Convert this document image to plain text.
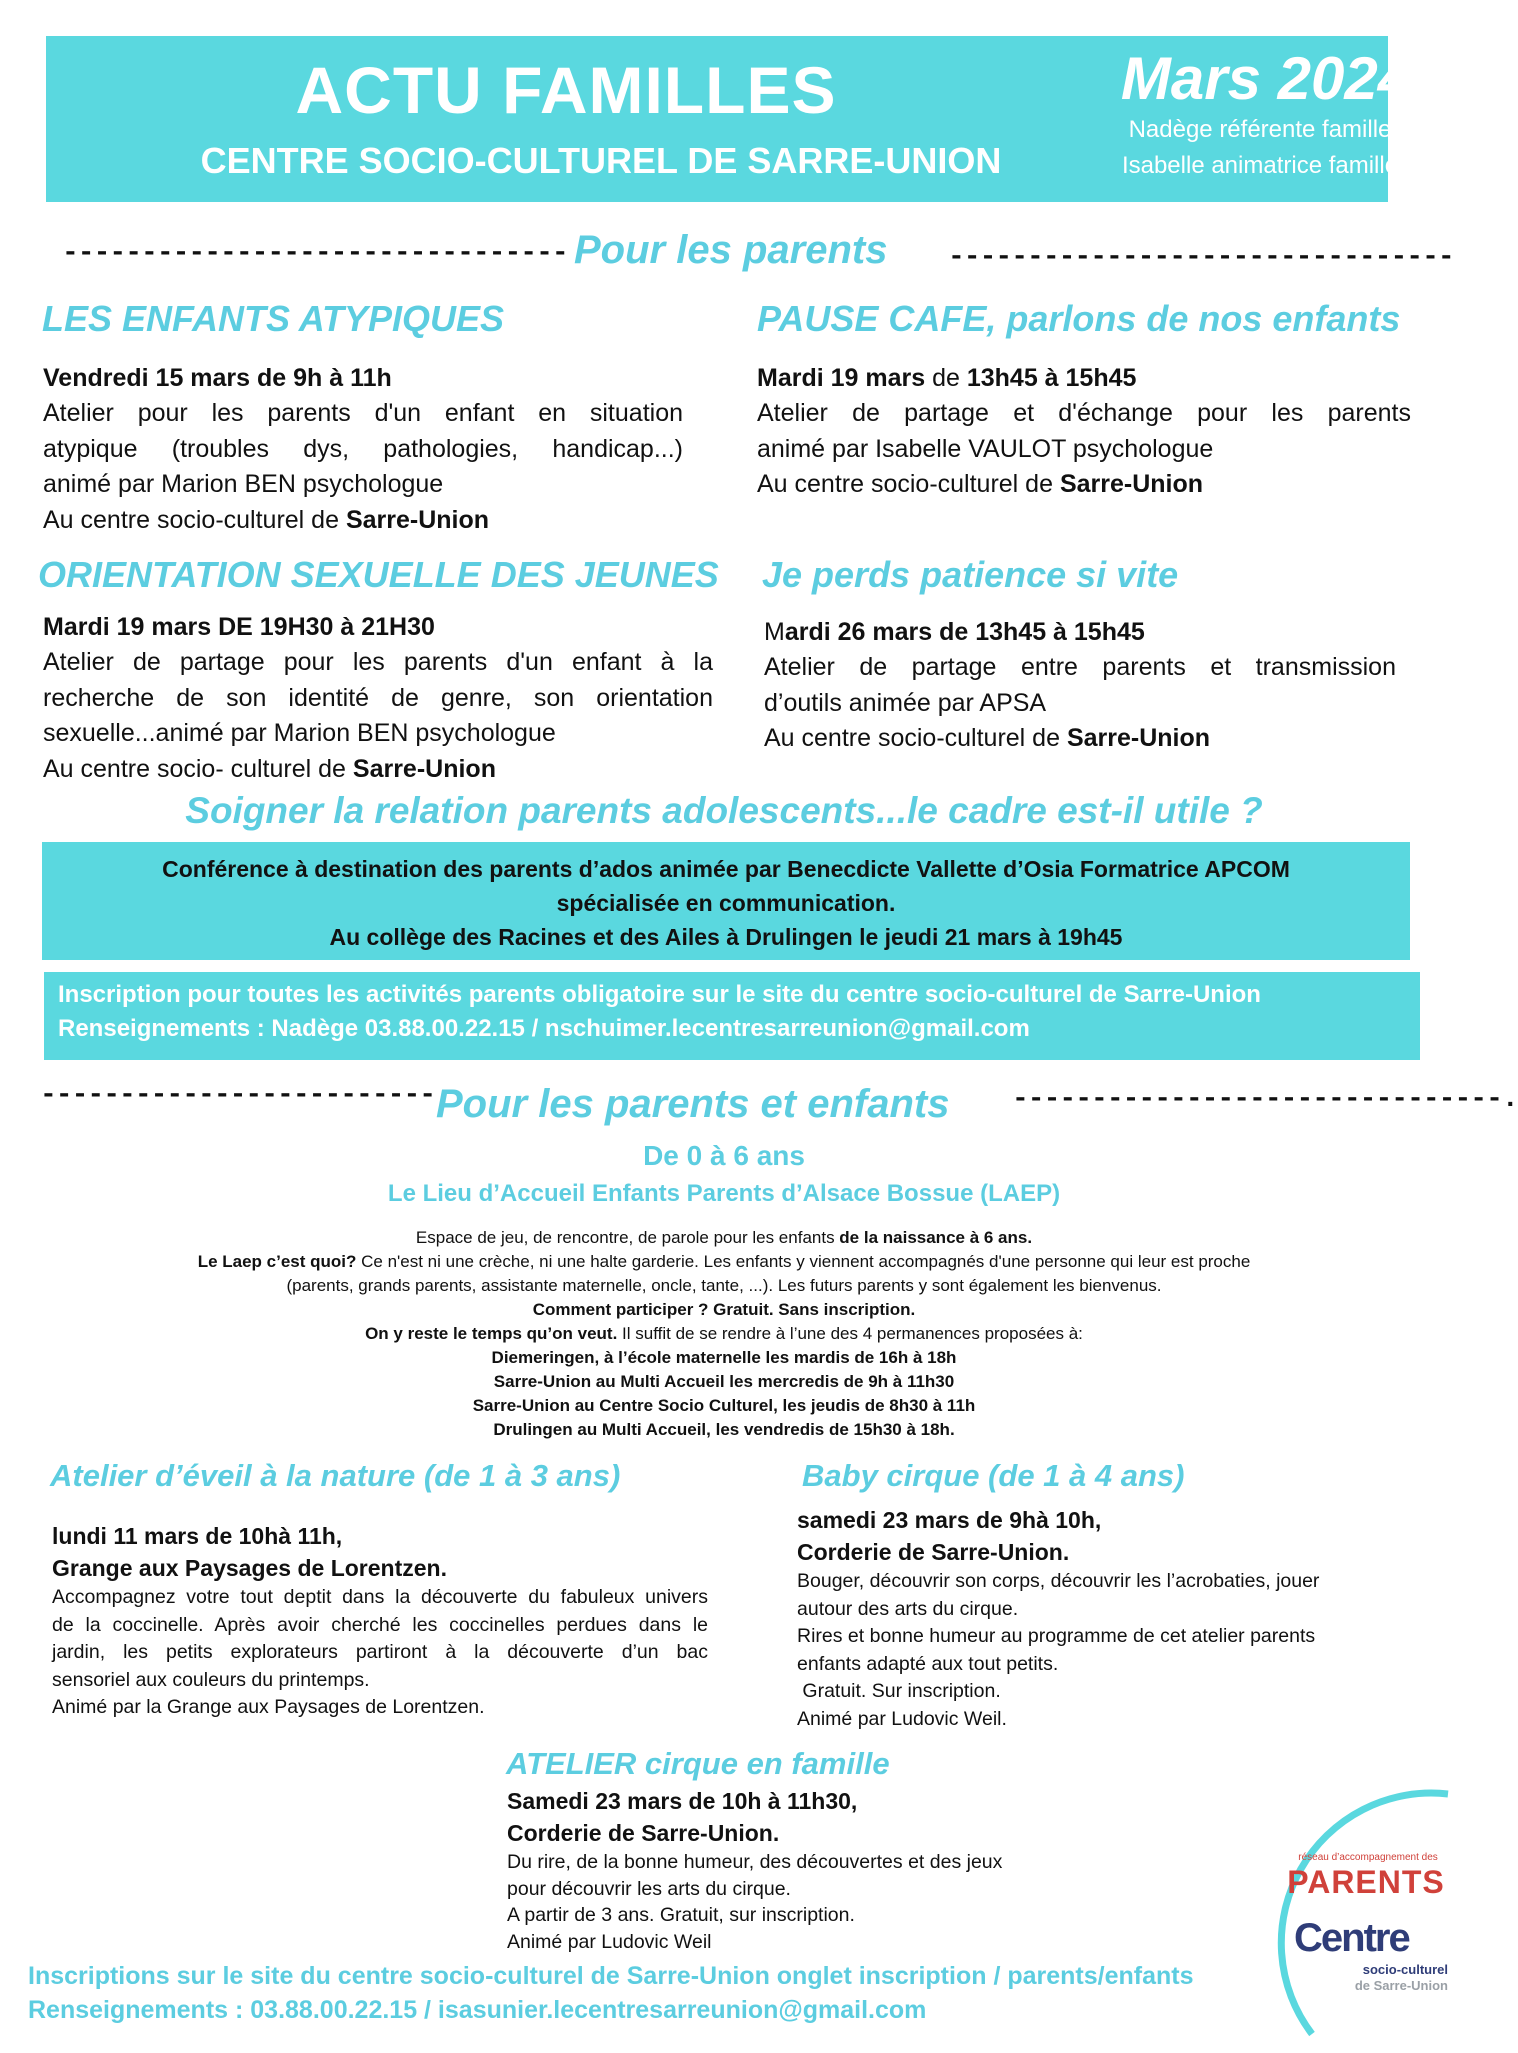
ACTU FAMILLES
CENTRE SOCIO-CULTUREL DE SARRE-UNION
Mars 2024
Nadège référente familles
Isabelle animatrice familles
-------------------------------- Pour les parents --------------------------------
LES ENFANTS ATYPIQUES
Vendredi 15 mars de 9h à 11h
Atelier pour les parents d'un enfant en situation
atypique (troubles dys, pathologies, handicap...)
animé par Marion BEN psychologue
Au centre socio-culturel de Sarre-Union
PAUSE CAFE, parlons de nos enfants
Mardi 19 mars de 13h45 à 15h45
Atelier de partage et d'échange pour les parents
animé par Isabelle VAULOT psychologue
Au centre socio-culturel de Sarre-Union
ORIENTATION SEXUELLE DES JEUNES
Mardi 19 mars DE 19H30 à 21H30
Atelier de partage pour les parents d'un enfant à la
recherche de son identité de genre, son orientation
sexuelle...animé par Marion BEN psychologue
Au centre socio- culturel de Sarre-Union
Je perds patience si vite
Mardi 26 mars de 13h45 à 15h45
Atelier de partage entre parents et transmission
d’outils animée par APSA
Au centre socio-culturel de Sarre-Union
Soigner la relation parents adolescents...le cadre est-il utile ?
Conférence à destination des parents d’ados animée par Benecdicte Vallette d’Osia Formatrice APCOM
spécialisée en communication.
Au collège des Racines et des Ailes à Drulingen le jeudi 21 mars à 19h45
Inscription pour toutes les activités parents obligatoire sur le site du centre socio-culturel de Sarre-Union
Renseignements : Nadège 03.88.00.22.15 / nschuimer.lecentresarreunion@gmail.com
-------------------------.
Pour les parents et enfants -------------------------------.
De 0 à 6 ans
Le Lieu d’Accueil Enfants Parents d’Alsace Bossue (LAEP)
Espace de jeu, de rencontre, de parole pour les enfants de la naissance à 6 ans.
Le Laep c’est quoi? Ce n'est ni une crèche, ni une halte garderie. Les enfants y viennent accompagnés d'une personne qui leur est proche
(parents, grands parents, assistante maternelle, oncle, tante, ...). Les futurs parents y sont également les bienvenus.
Comment participer ? Gratuit. Sans inscription.
On y reste le temps qu’on veut. Il suffit de se rendre à l’une des 4 permanences proposées à:
Diemeringen, à l’école maternelle les mardis de 16h à 18h
Sarre-Union au Multi Accueil les mercredis de 9h à 11h30
Sarre-Union au Centre Socio Culturel, les jeudis de 8h30 à 11h
Drulingen au Multi Accueil, les vendredis de 15h30 à 18h.
Atelier d’éveil à la nature (de 1 à 3 ans)
lundi 11 mars de 10hà 11h,
Grange aux Paysages de Lorentzen.
Accompagnez votre tout deptit dans la découverte du fabuleux univers
de la coccinelle. Après avoir cherché les coccinelles perdues dans le
jardin, les petits explorateurs partiront à la découverte d’un bac
sensoriel aux couleurs du printemps.
Animé par la Grange aux Paysages de Lorentzen.
Baby cirque (de 1 à 4 ans)
samedi 23 mars de 9hà 10h,
Corderie de Sarre-Union.
Bouger, découvrir son corps, découvrir les l’acrobaties, jouer
autour des arts du cirque.
Rires et bonne humeur au programme de cet atelier parents
enfants adapté aux tout petits.
Gratuit. Sur inscription.
Animé par Ludovic Weil.
ATELIER cirque en famille
Samedi 23 mars de 10h à 11h30,
Corderie de Sarre-Union.
Du rire, de la bonne humeur, des découvertes et des jeux
pour découvrir les arts du cirque.
A partir de 3 ans. Gratuit, sur inscription.
Animé par Ludovic Weil
Inscriptions sur le site du centre socio-culturel de Sarre-Union onglet inscription / parents/enfants
Renseignements : 03.88.00.22.15 / isasunier.lecentresarreunion@gmail.com
réseau d’accompagnement des
PARENTS
Centre
socio-culturel
de Sarre-Union
